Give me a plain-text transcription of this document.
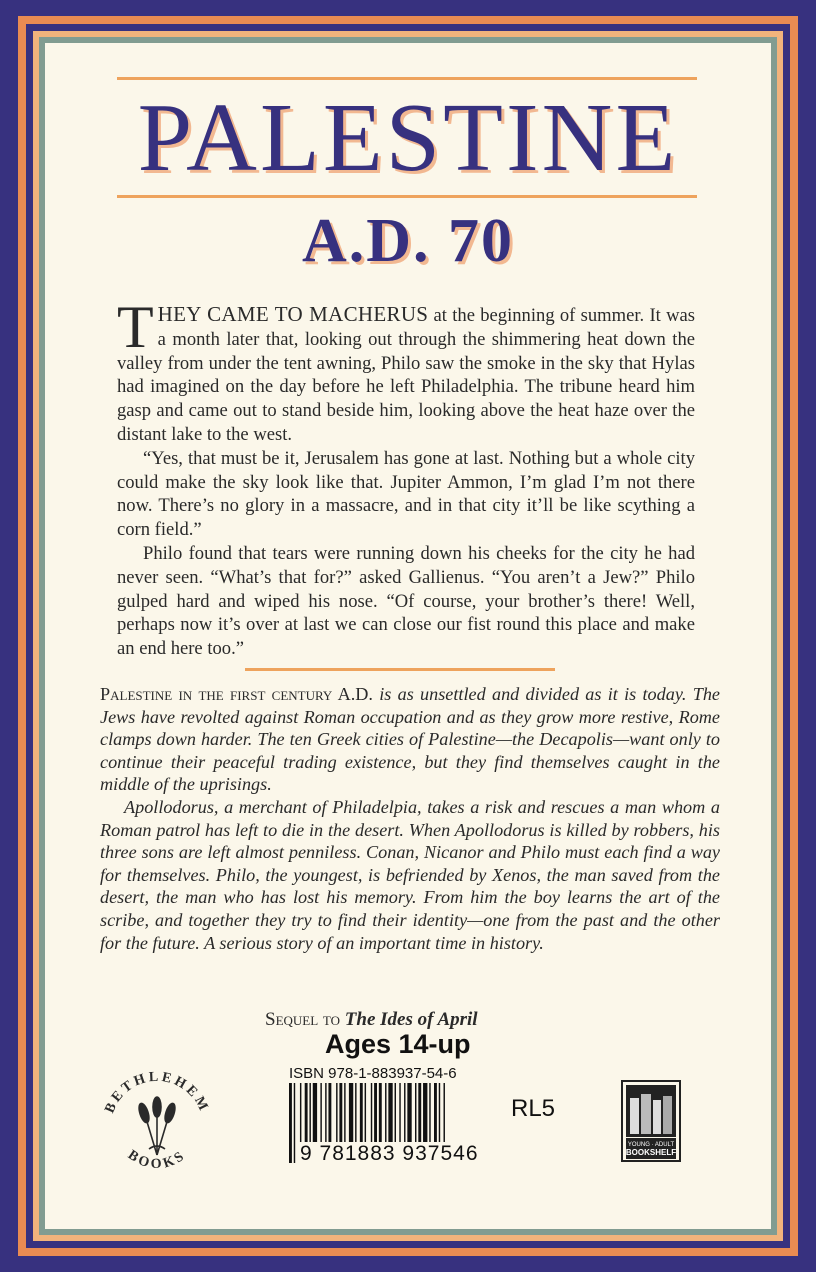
PALESTINE
A.D. 70

THEY CAME TO MACHERUS at the beginning of summer. It was a month later that, looking out through the shimmering heat down the valley from under the tent awning, Philo saw the smoke in the sky that Hylas had imagined on the day before he left Philadelphia. The tribune heard him gasp and came out to stand beside him, looking above the heat haze over the distant lake to the west.

“Yes, that must be it, Jerusalem has gone at last. Nothing but a whole city could make the sky look like that. Jupiter Ammon, I’m glad I’m not there now. There’s no glory in a massacre, and in that city it’ll be like scything a corn field.”

Philo found that tears were running down his cheeks for the city he had never seen. “What’s that for?” asked Gallienus. “You aren’t a Jew?” Philo gulped hard and wiped his nose. “Of course, your brother’s there! Well, perhaps now it’s over at last we can close our fist round this place and make an end here too.”

Palestine in the first century A.D. is as unsettled and divided as it is today. The Jews have revolted against Roman occupation and as they grow more restive, Rome clamps down harder. The ten Greek cities of Palestine—the Decapolis—want only to continue their peaceful trading existence, but they find themselves caught in the middle of the uprisings.

Apollodorus, a merchant of Philadelpia, takes a risk and rescues a man whom a Roman patrol has left to die in the desert. When Apollodorus is killed by robbers, his three sons are left almost penniless. Conan, Nicanor and Philo must each find a way for themselves. Philo, the youngest, is befriended by Xenos, the man saved from the desert, the man who has lost his memory. From him the boy learns the art of the scribe, and together they try to find their identity—one from the past and the other for the future. A serious story of an important time in history.

Sequel to The Ides of April
Ages 14-up
ISBN 978-1-883937-54-6
9 781883 937546
RL5
BETHLEHEM
BOOKS
YOUNG · ADULT
BOOKSHELF
